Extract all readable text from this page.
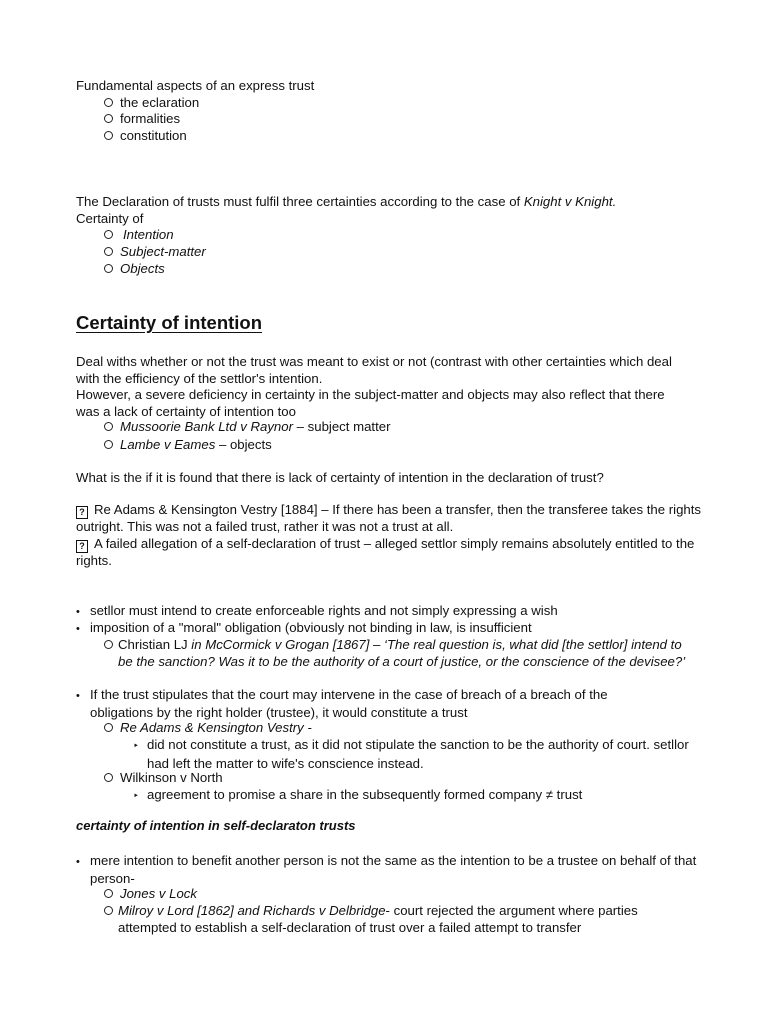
Fundamental aspects of an express trust

the eclaration
formalities
constitution

The Declaration of trusts must fulfil three certainties according to the case of Knight v Knight.

Certainty of

Intention
Subject-matter
Objects
Certainty of intention

Deal withs whether or not the trust was meant to exist or not (contrast with other certainties which deal with the efficiency of the settlor's intention.

However, a severe deficiency in certainty in the subject-matter and objects may also reflect that there was a lack of certainty of intention too

Mussoorie Bank Ltd v Raynor – subject matter
Lambe v Eames – objects

What is the if it is found that there is lack of certainty of intention in the declaration of trust?

? Re Adams & Kensington Vestry [1884] – If there has been a transfer, then the transferee takes the rights outright. This was not a failed trust, rather it was not a trust at all.

? A failed allegation of a self-declaration of trust – alleged settlor simply remains absolutely entitled to the rights.

• setllor must intend to create enforceable rights and not simply expressing a wish
• imposition of a "moral" obligation (obviously not binding in law, is insufficient
Christian LJ in McCormick v Grogan [1867] – ‘The real question is, what did [the settlor] intend to be the sanction? Was it to be the authority of a court of justice, or the conscience of the devisee?’
• If the trust stipulates that the court may intervene in the case of breach of a breach of the obligations by the right holder (trustee), it would constitute a trust
Re Adams & Kensington Vestry -
‣ did not constitute a trust, as it did not stipulate the sanction to be the authority of court. setllor had left the matter to wife's conscience instead.
Wilkinson v North
‣ agreement to promise a share in the subsequently formed company ≠ trust
certainty of intention in self-declaraton trusts
• mere intention to benefit another person is not the same as the intention to be a trustee on behalf of that person-
Jones v Lock
Milroy v Lord [1862] and Richards v Delbridge- court rejected the argument where parties attempted to establish a self-declaration of trust over a failed attempt to transfer
